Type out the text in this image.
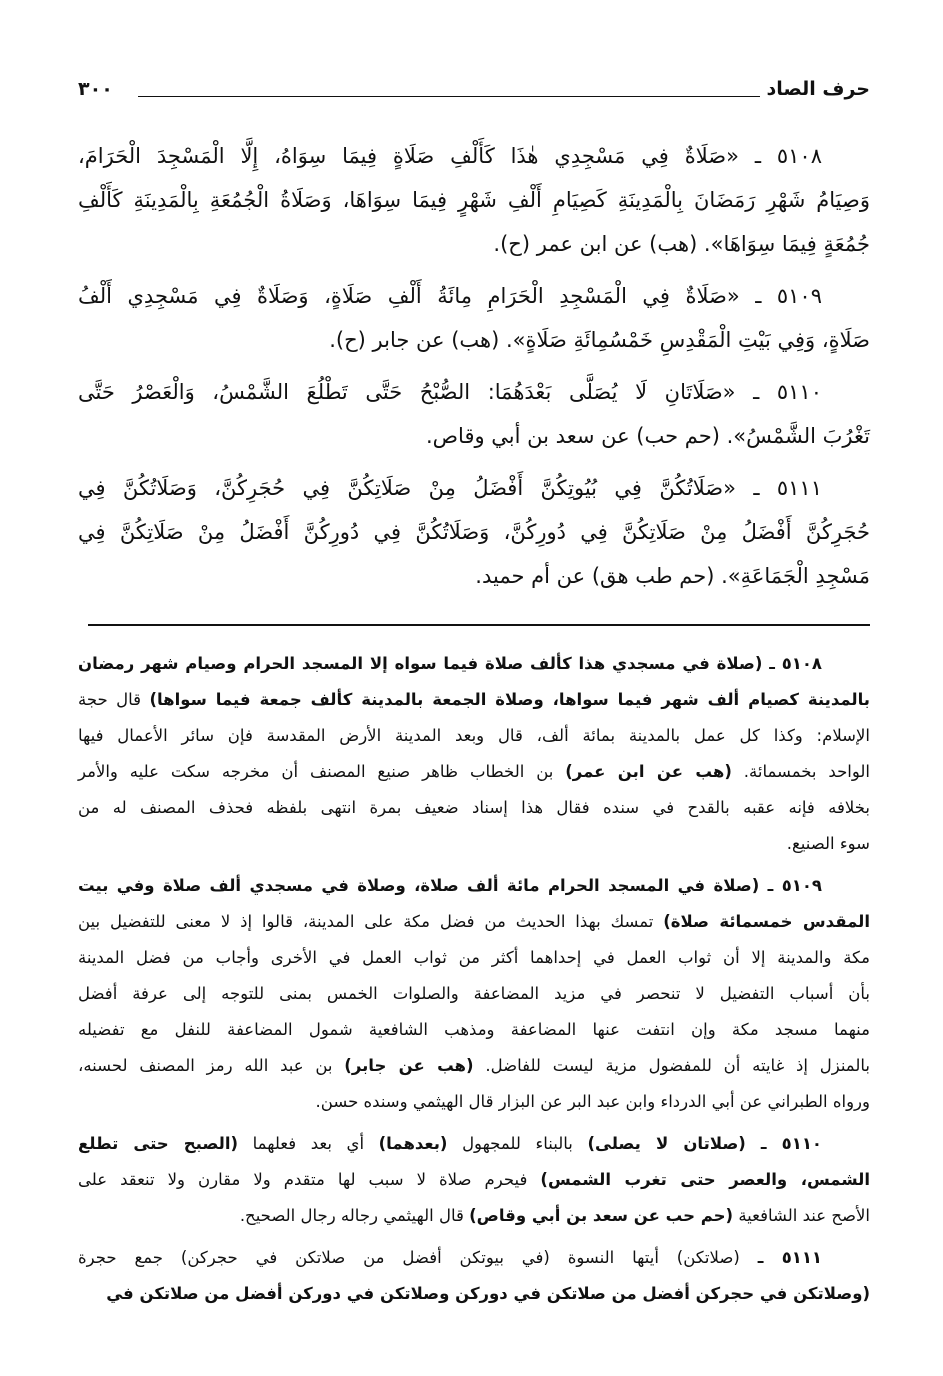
حرف الصاد
٣٠٠
٥١٠٨ ـ «صَلَاةٌ فِي مَسْجِدِي هٰذَا كَأَلْفِ صَلَاةٍ فِيمَا سِوَاهُ، إِلَّا الْمَسْجِدَ الْحَرَامَ،
وَصِيَامُ شَهْرِ رَمَضَانَ بِالْمَدِينَةِ كَصِيَامِ أَلْفِ شَهْرٍ فِيمَا سِوَاهَا، وَصَلَاةُ الْجُمُعَةِ بِالْمَدِينَةِ كَأَلْفِ
جُمُعَةٍ فِيمَا سِوَاهَا». (هب) عن ابن عمر (ح).
٥١٠٩ ـ «صَلَاةٌ فِي الْمَسْجِدِ الْحَرَامِ مِائَةُ أَلْفِ صَلَاةٍ، وَصَلَاةٌ فِي مَسْجِدِي أَلْفُ
صَلَاةٍ، وَفِي بَيْتِ الْمَقْدِسِ خَمْسُمِائَةِ صَلَاةٍ». (هب) عن جابر (ح).
٥١١٠ ـ «صَلَاتَانِ لَا يُصَلَّى بَعْدَهُمَا: الصُّبْحُ حَتَّى تَطْلُعَ الشَّمْسُ، وَالْعَصْرُ حَتَّى
تَغْرُبَ الشَّمْسُ». (حم حب) عن سعد بن أبي وقاص.
٥١١١ ـ «صَلَاتُكُنَّ فِي بُيُوتِكُنَّ أَفْضَلُ مِنْ صَلَاتِكُنَّ فِي حُجَرِكُنَّ، وَصَلَاتُكُنَّ فِي
حُجَرِكُنَّ أَفْضَلُ مِنْ صَلَاتِكُنَّ فِي دُورِكُنَّ، وَصَلَاتُكُنَّ فِي دُورِكُنَّ أَفْضَلُ مِنْ صَلَاتِكُنَّ فِي
مَسْجِدِ الْجَمَاعَةِ». (حم طب هق) عن أم حميد.
٥١٠٨ ـ (صلاة في مسجدي هذا كألف صلاة فيما سواه إلا المسجد الحرام وصيام شهر رمضان
بالمدينة كصيام ألف شهر فيما سواها، وصلاة الجمعة بالمدينة كألف جمعة فيما سواها) قال حجة
الإسلام: وكذا كل عمل بالمدينة بمائة ألف، قال وبعد المدينة الأرض المقدسة فإن سائر الأعمال فيها
الواحد بخمسمائة. (هب عن ابن عمر) بن الخطاب ظاهر صنيع المصنف أن مخرجه سكت عليه والأمر
بخلافه فإنه عقبه بالقدح في سنده فقال هذا إسناد ضعيف بمرة انتهى بلفظه فحذف المصنف له من
سوء الصنيع.
٥١٠٩ ـ (صلاة في المسجد الحرام مائة ألف صلاة، وصلاة في مسجدي ألف صلاة وفي بيت
المقدس خمسمائة صلاة) تمسك بهذا الحديث من فضل مكة على المدينة، قالوا إذ لا معنى للتفضيل بين
مكة والمدينة إلا أن ثواب العمل في إحداهما أكثر من ثواب العمل في الأخرى وأجاب من فضل المدينة
بأن أسباب التفضيل لا تنحصر في مزيد المضاعفة والصلوات الخمس بمنى للتوجه إلى عرفة أفضل
منهما مسجد مكة وإن انتفت عنها المضاعفة ومذهب الشافعية شمول المضاعفة للنفل مع تفضيله
بالمنزل إذ غايته أن للمفضول مزية ليست للفاضل. (هب عن جابر) بن عبد الله رمز المصنف لحسنه،
ورواه الطبراني عن أبي الدرداء وابن عبد البر عن البزار قال الهيثمي وسنده حسن.
٥١١٠ ـ (صلاتان لا يصلى) بالبناء للمجهول (بعدهما) أي بعد فعلهما (الصبح حتى تطلع
الشمس، والعصر حتى تغرب الشمس) فيحرم صلاة لا سبب لها متقدم ولا مقارن ولا تنعقد على
الأصح عند الشافعية (حم حب عن سعد بن أبي وقاص) قال الهيثمي رجاله رجال الصحيح.
٥١١١ ـ (صلاتكن) أيتها النسوة (في بيوتكن أفضل من صلاتكن في حجركن) جمع حجرة
(وصلاتكن في حجركن أفضل من صلاتكن في دوركن وصلاتكن في دوركن أفضل من صلاتكن في
